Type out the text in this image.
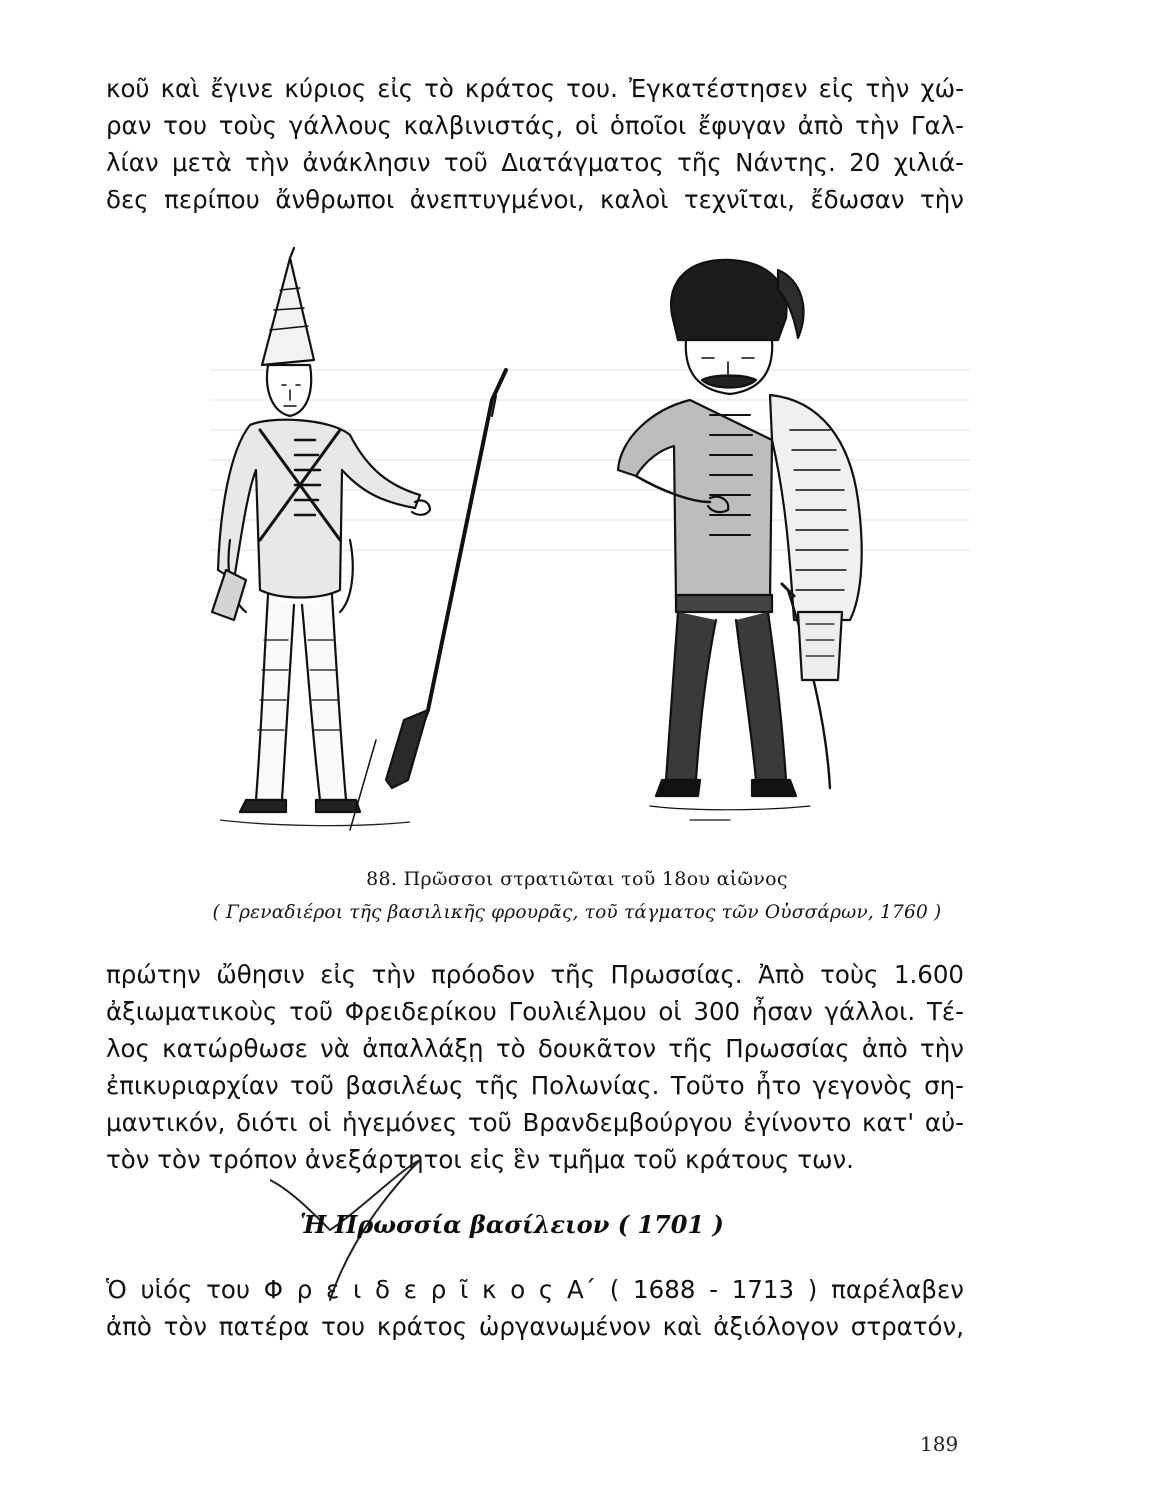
κοῦ καὶ ἔγινε κύριος εἰς τὸ κράτος του. Ἐγκατέστησεν εἰς τὴν χώ-
ραν του τοὺς γάλλους καλβινιστάς, οἱ ὁποῖοι ἔφυγαν ἀπὸ τὴν Γαλ-
λίαν μετὰ τὴν ἀνάκλησιν τοῦ Διατάγματος τῆς Νάντης. 20 χιλιά-
δες περίπου ἄνθρωποι ἀνεπτυγμένοι, καλοὶ τεχνῖται, ἔδωσαν τὴν
88. Πρῶσσοι στρατιῶται τοῦ 18ου αἰῶνος
( Γρεναδιέροι τῆς βασιλικῆς φρουρᾶς, τοῦ τάγματος τῶν Οὐσσάρων, 1760 )
πρώτην ὤθησιν εἰς τὴν πρόοδον τῆς Πρωσσίας. Ἀπὸ τοὺς 1.600
ἀξιωματικοὺς τοῦ Φρειδερίκου Γουλιέλμου οἱ 300 ἦσαν γάλλοι. Τέ-
λος κατώρθωσε νὰ ἀπαλλάξῃ τὸ δουκᾶτον τῆς Πρωσσίας ἀπὸ τὴν
ἐπικυριαρχίαν τοῦ βασιλέως τῆς Πολωνίας. Τοῦτο ἦτο γεγονὸς ση-
μαντικόν, διότι οἱ ἡγεμόνες τοῦ Βρανδεμβούργου ἐγίνοντο κατ' αὐ-
τὸν τὸν τρόπον ἀνεξάρτητοι εἰς ἓν τμῆμα τοῦ κράτους των.
Ἡ Πρωσσία βασίλειον ( 1701 )
Ὁ υἱός του Φ ρ ε ι δ ε ρ ῖ κ ο ς Α΄ ( 1688 - 1713 ) παρέλαβεν
ἀπὸ τὸν πατέρα του κράτος ὠργανωμένον καὶ ἀξιόλογον στρατόν,
189
